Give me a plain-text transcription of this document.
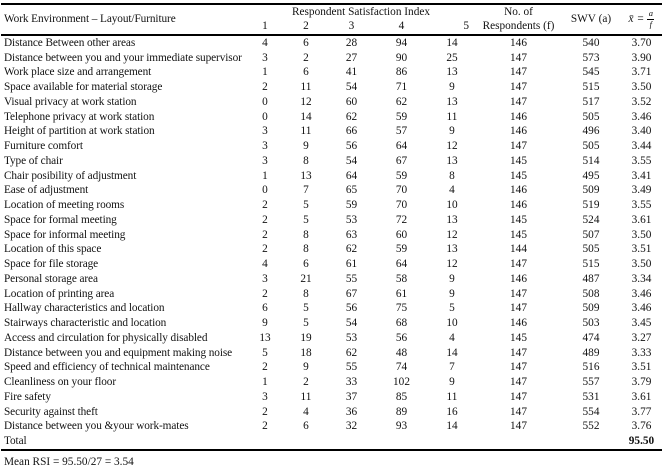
Work Environment – Layout/Furniture	Respondent Satisfaction Index	No. of
Respondents (f)
	SWV (a)	x̄ = $\frac{a}{f}$

	1	2	3	4	5			
Distance Between other areas	4	6	28	94	14	146	540	3.70
Distance between you and your immediate supervisor	3	2	27	90	25	147	573	3.90
Work place size and arrangement	1	6	41	86	13	147	545	3.71
Space available for material storage	2	11	54	71	9	147	515	3.50
Visual privacy at work station	0	12	60	62	13	147	517	3.52
Telephone privacy at work station	0	14	62	59	11	146	505	3.46
Height of partition at work station	3	11	66	57	9	146	496	3.40
Furniture comfort	3	9	56	64	12	147	505	3.44
Type of chair	3	8	54	67	13	145	514	3.55
Chair posibility of adjustment	1	13	64	59	8	145	495	3.41
Ease of adjustment	0	7	65	70	4	146	509	3.49
Location of meeting rooms	2	5	59	70	10	146	519	3.55
Space for formal meeting	2	5	53	72	13	145	524	3.61
Space for informal meeting	2	8	63	60	12	145	507	3.50
Location of this space	2	8	62	59	13	144	505	3.51
Space for file storage	4	6	61	64	12	147	515	3.50
Personal storage area	3	21	55	58	9	146	487	3.34
Location of printing area	2	8	67	61	9	147	508	3.46
Hallway characteristics and location	6	5	56	75	5	147	509	3.46
Stairways characteristic and location	9	5	54	68	10	146	503	3.45
Access and circulation for physically disabled	13	19	53	56	4	145	474	3.27
Distance between you and equipment making noise	5	18	62	48	14	147	489	3.33
Speed and efficiency of technical maintenance	2	9	55	74	7	147	516	3.51
Cleanliness on your floor	1	2	33	102	9	147	557	3.79
Fire safety	3	11	37	85	11	147	531	3.61
Security against theft	2	4	36	89	16	147	554	3.77
Distance between you &your work-mates	2	6	32	93	14	147	552	3.76
Total								95.50
Mean RSI = 95.50/27 = 3.54
